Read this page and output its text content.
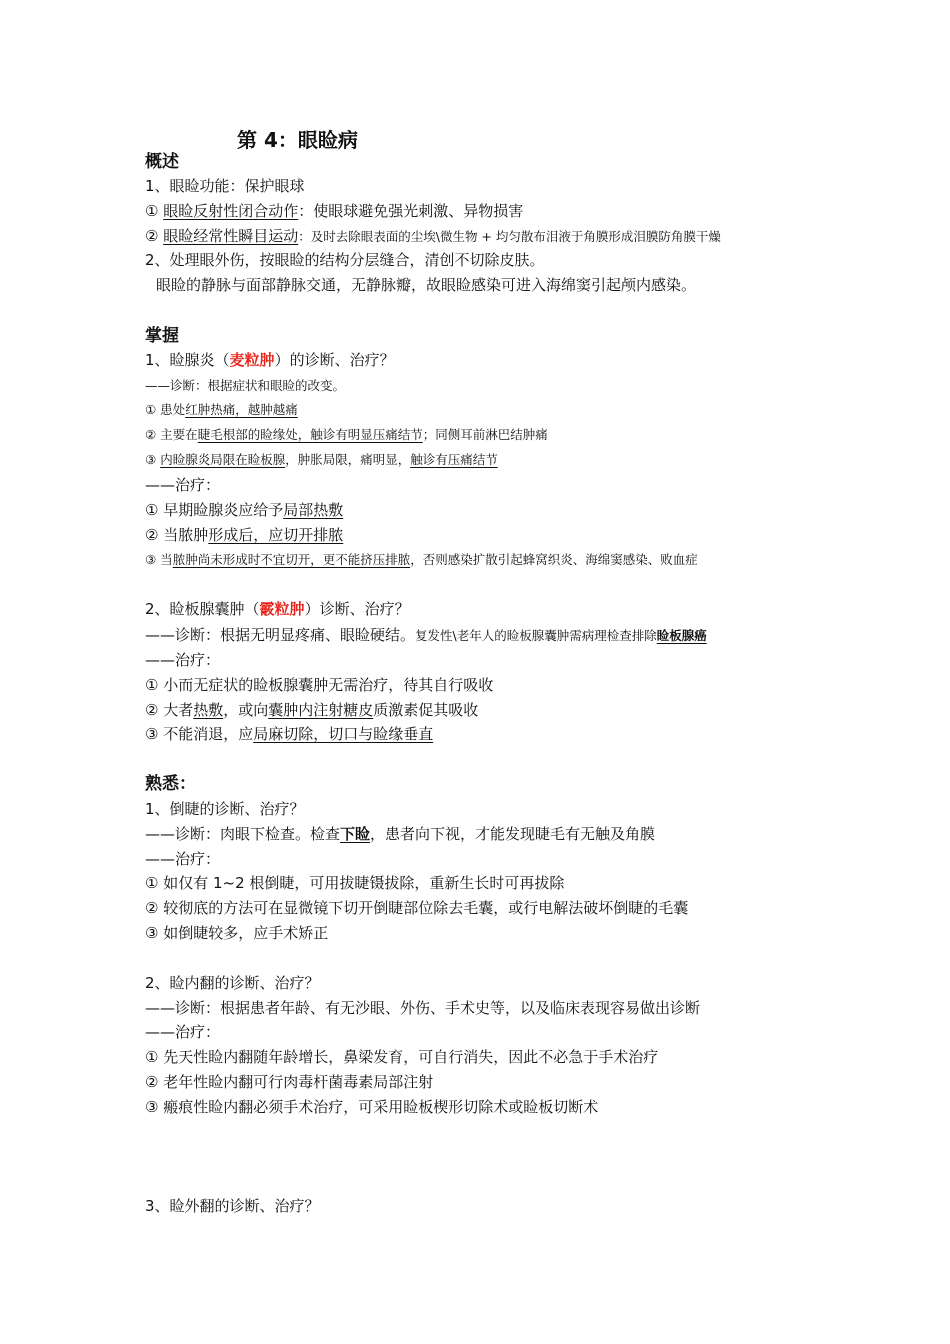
第 4：眼睑病
概述
1、眼睑功能：保护眼球
① 眼睑反射性闭合动作：使眼球避免强光刺激、异物损害
② 眼睑经常性瞬目运动：及时去除眼表面的尘埃\微生物 + 均匀散布泪液于角膜形成泪膜防角膜干燥
2、处理眼外伤，按眼睑的结构分层缝合，清创不切除皮肤。
眼睑的静脉与面部静脉交通，无静脉瓣，故眼睑感染可进入海绵窦引起颅内感染。
掌握
1、睑腺炎（麦粒肿）的诊断、治疗？
——诊断：根据症状和眼睑的改变。
① 患处红肿热痛，越肿越痛
② 主要在睫毛根部的睑缘处，触诊有明显压痛结节；同侧耳前淋巴结肿痛
③ 内睑腺炎局限在睑板腺，肿胀局限，痛明显，触诊有压痛结节
——治疗：
① 早期睑腺炎应给予局部热敷
② 当脓肿形成后，应切开排脓
③ 当脓肿尚未形成时不宜切开，更不能挤压排脓，否则感染扩散引起蜂窝织炎、海绵窦感染、败血症
2、睑板腺囊肿（霰粒肿）诊断、治疗？
——诊断：根据无明显疼痛、眼睑硬结。复发性\老年人的睑板腺囊肿需病理检查排除睑板腺癌
——治疗：
① 小而无症状的睑板腺囊肿无需治疗，待其自行吸收
② 大者热敷，或向囊肿内注射糖皮质激素促其吸收
③ 不能消退，应局麻切除，切口与睑缘垂直
熟悉：
1、倒睫的诊断、治疗？
——诊断：肉眼下检查。检查下睑，患者向下视，才能发现睫毛有无触及角膜
——治疗：
① 如仅有 1~2 根倒睫，可用拔睫镊拔除，重新生长时可再拔除
② 较彻底的方法可在显微镜下切开倒睫部位除去毛囊，或行电解法破坏倒睫的毛囊
③ 如倒睫较多，应手术矫正
2、睑内翻的诊断、治疗？
——诊断：根据患者年龄、有无沙眼、外伤、手术史等，以及临床表现容易做出诊断
——治疗：
① 先天性睑内翻随年龄增长，鼻梁发育，可自行消失，因此不必急于手术治疗
② 老年性睑内翻可行肉毒杆菌毒素局部注射
③ 瘢痕性睑内翻必须手术治疗，可采用睑板楔形切除术或睑板切断术
3、睑外翻的诊断、治疗？
